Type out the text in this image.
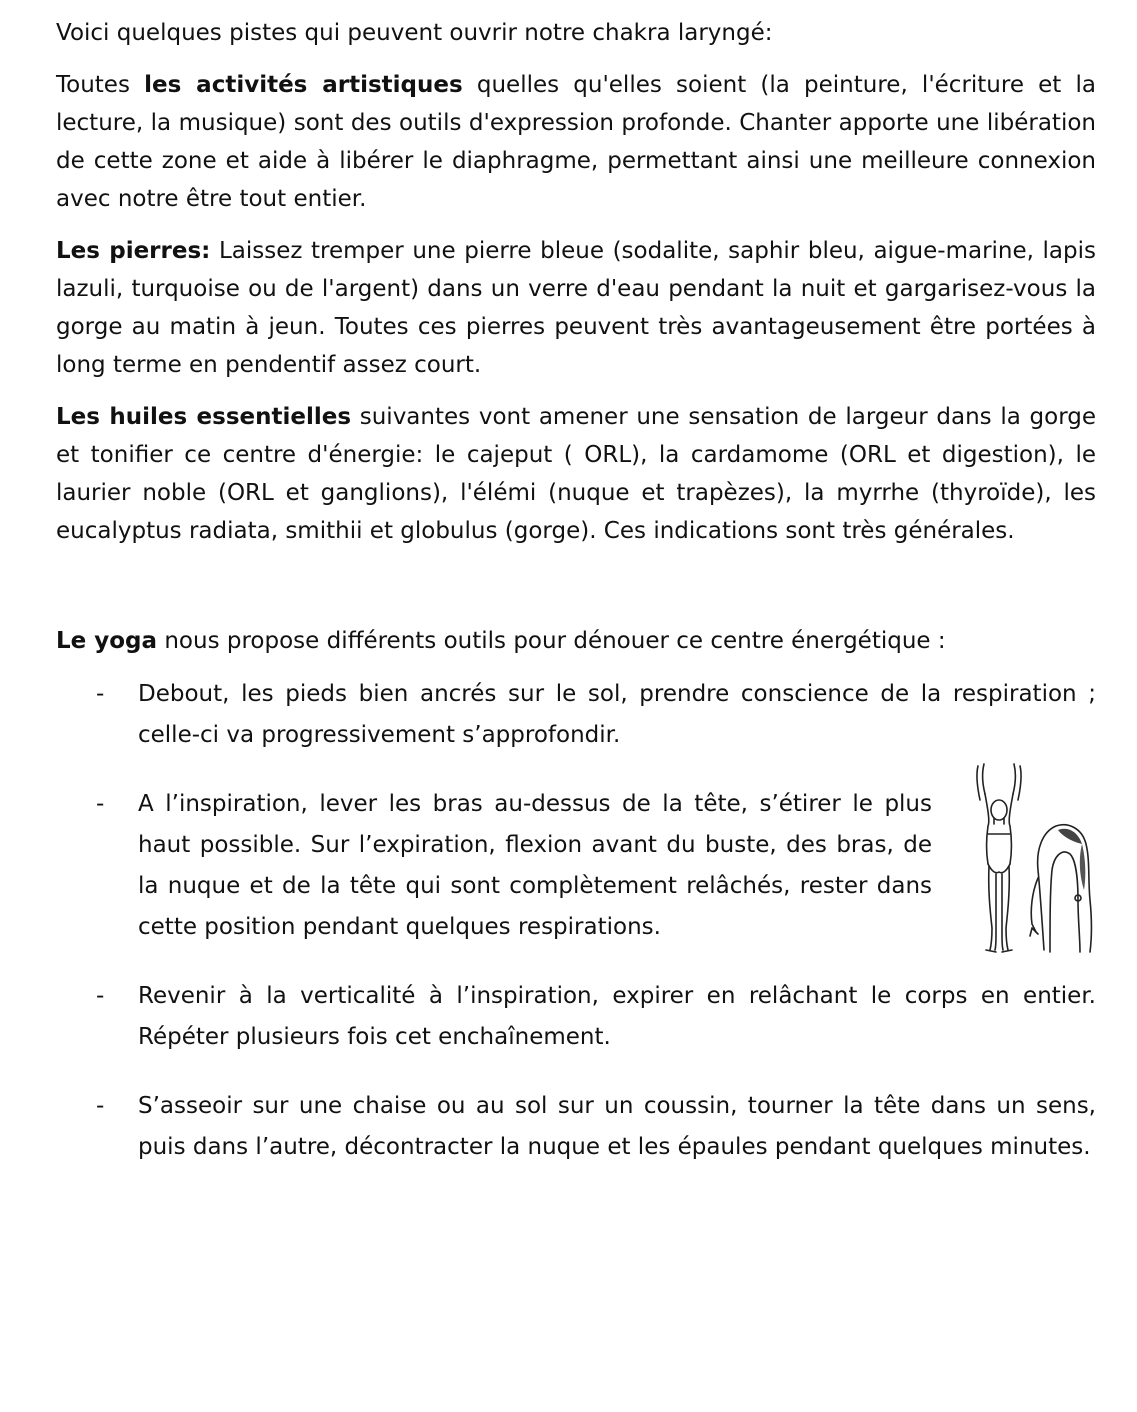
Voici quelques pistes qui peuvent ouvrir notre chakra laryngé:

Toutes les activités artistiques quelles qu'elles soient (la peinture, l'écriture et la lecture, la musique) sont des outils d'expression profonde. Chanter apporte une libération de cette zone et aide à libérer le diaphragme, permettant ainsi une meilleure connexion avec notre être tout entier.

Les pierres: Laissez tremper une pierre bleue (sodalite, saphir bleu, aigue-marine, lapis lazuli, turquoise ou de l'argent) dans un verre d'eau pendant la nuit et gargarisez-vous la gorge au matin à jeun. Toutes ces pierres peuvent très avantageusement être portées à long terme en pendentif assez court.

Les huiles essentielles suivantes vont amener une sensation de largeur dans la gorge et tonifier ce centre d'énergie: le cajeput ( ORL), la cardamome (ORL et digestion), le laurier noble (ORL et ganglions), l'élémi (nuque et trapèzes), la myrrhe (thyroïde), les eucalyptus radiata, smithii et globulus (gorge). Ces indications sont très générales.

Le yoga nous propose différents outils pour dénouer ce centre énergétique :

-	Debout, les pieds bien ancrés sur le sol, prendre conscience de la respiration ; celle-ci va progressivement s’approfondir.
-	A l’inspiration, lever les bras au-dessus de la tête, s’étirer le plus haut possible. Sur l’expiration, flexion avant du buste, des bras, de la nuque et de la tête qui sont complètement relâchés, rester dans cette position pendant quelques respirations.
-	Revenir à la verticalité à l’inspiration, expirer en relâchant le corps en entier. Répéter plusieurs fois cet enchaînement.
-	S’asseoir sur une chaise ou au sol sur un coussin, tourner la tête dans un sens, puis dans l’autre, décontracter la nuque et les épaules pendant quelques minutes.
